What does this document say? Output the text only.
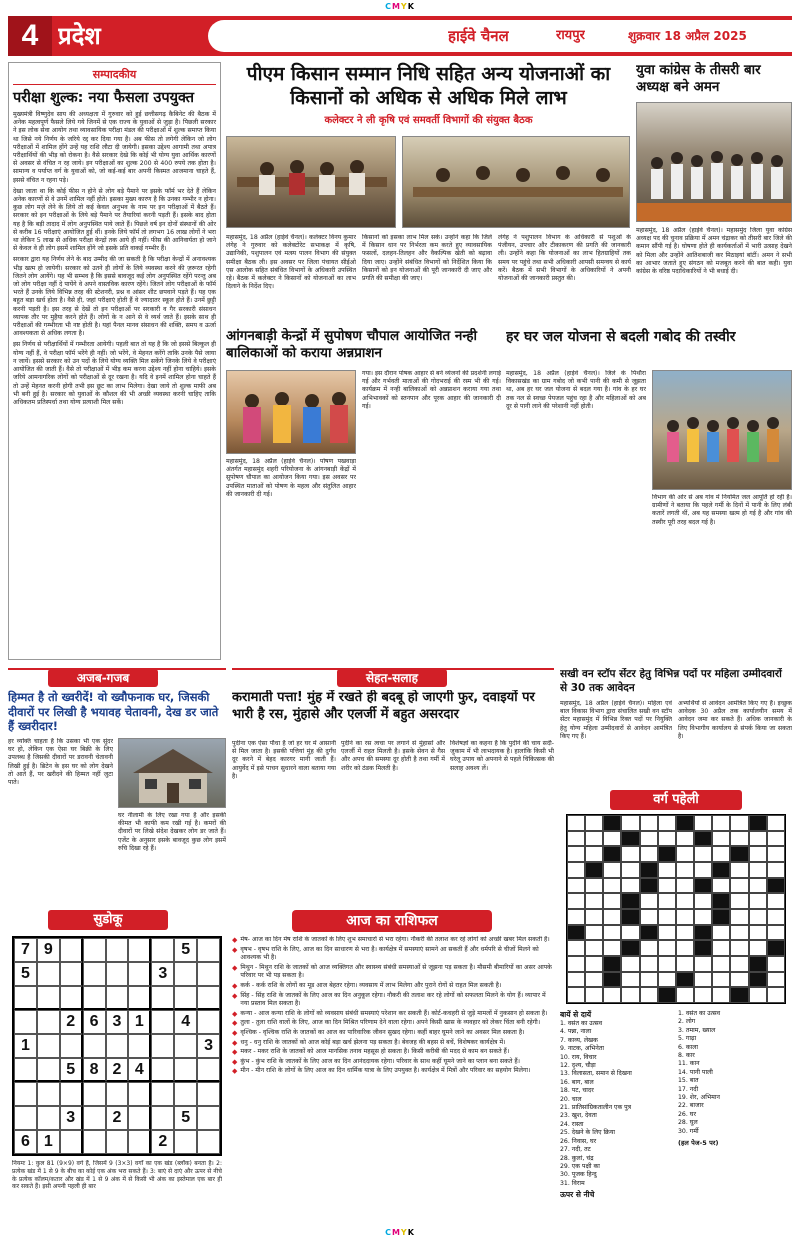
CMYK
4 प्रदेश	हाईवे चैनल	रायपुर	शुक्रवार 18 अप्रैल 2025
सम्पादकीय
परीक्षा शुल्क: नया फैसला उपयुक्त

मुख्यमंत्री विष्णुदेव साय की अध्यक्षता में गुरुवार को हुई छत्तीसगढ़ कैबिनेट की बैठक में अनेक महत्वपूर्ण फैसले लिये गये जिनमें से एक राज्य के युवाओं से जुड़ा है। पिछली सरकार ने इस लोक सेवा आयोग तथा व्यावसायिक परीक्षा मंडल की परीक्षाओं में शुल्क समाप्त किया था जिसे नये निर्णय के जरिये रद्द कर दिया गया है। अब फीस तो लगेगी लेकिन जो लोग परीक्षाओं में शामिल होंगे उन्हें यह राशि लौटा दी जायेगी। इसका उद्देश्य आगामी तथा अपात्र परीक्षार्थियों की भीड़ को रोकना है। वैसे सरकार देखे कि कोई भी योग्य युवा आर्थिक कारणों से अवसर से वंचित न रह जाये। इन परीक्षाओं का शुल्क 200 से 400 रुपये तक होता है। सामान्य व पर्याप्त वर्ग के युवाओं को, जो कई-कई बार अपनी किस्मत आजमाना चाहते हैं, इससे वंचित न रहना पड़े।

देखा जाता था कि कोई फीस न होने से लोग बड़े पैमाने पर इसके फॉर्म भर देते हैं लेकिन अनेक कारणों से वे उनमें शामिल नहीं होते। इसका मुख्य कारण है कि उनका गम्भीर न होना। कुछ लोग मज़े लेने के लिये तो कई केवल अनुभव के नाम पर इन परीक्षाओं में बैठते हैं। सरकार को इन परीक्षाओं के लिये बड़े पैमाने पर तैयारियां करनी पड़ती हैं। इसके बाद होता यह है कि बड़ी तादाद में लोग अनुपस्थित पाये जाते हैं। पिछले वर्ष इन दोनों संस्थानों की ओर से करीब 16 परीक्षाएं आयोजित हुई थीं। इनके लिये फॉर्म तो लगभग 16 लाख लोगों ने भरा था लेकिन 5 लाख से अधिक परीक्षा केन्द्रों तक आये ही नहीं। फीस की आनिवार्यता हो जाने से केवल वे ही लोग इसमें शामिल होंगे जो इसके प्रति वाकई गम्भीर हैं।

सरकार द्वारा यह निर्णय लेने के बाद उम्मीद की जा सकती है कि परीक्षा केन्द्रों में अनावश्यक भीड़ खत्म हो जायेगी। सरकार को उतने ही लोगों के लिये व्यवस्था करने की ज़रूरत रहेगी जितने लोग आयेंगे। यह भी सम्भव है कि इससे बावजूद कई लोग अनुपस्थित रहेंगे परन्तु अब जो लोग परीक्षा नहीं दे पायेंगे वे अपने वास्तविक कारण रहेंगे। जितने लोग परीक्षाओं के फॉर्म भरते हैं उनके लिये विभिन्न तरह की स्टेशनरी, प्रश्न व आंसर शीट छपवाने पड़ते हैं। यह एक बहुत बड़ा खर्च होता है। वैसे ही, जहां परीक्षाएं होती हैं वे ज्यादातर स्कूल होते हैं। उनमें छुट्टी करनी पड़ती है। इस तरह से देखें तो इन परीक्षाओं पर सरकारी व गैर सरकारी संसाधन व्यापक तौर पर मुहैया करने होते हैं। लोगों के न आने से वे व्यर्थ जाते हैं। इसके साथ ही परीक्षाओं की गम्भीरता भी नष्ट होती है। यहां पैनल मानव संसाधन की शक्ति, समय व ऊर्जा आवश्यकता से अधिक लगता है।

इस निर्णय से परीक्षार्थियों में गम्भीरता आयेगी। पहली बात तो यह है कि जो इससे बिल्कुल ही योग्य नहीं हैं, वे परीक्षा फॉर्म भरेंगे ही नहीं। जो भरेंगे, वे मेहनत करेंगे ताकि उनके पैसे जाया न जायें। इससे सरकार को उन पदों के लिये योग्य व्यक्ति मिल सकेंगे जिनके लिये वे परीक्षाएं आयोजित की जाती हैं। वैसे तो परीक्षाओं में भीड़ कम करना उद्देश्य नहीं होना चाहिये। इसके जरिये आमनागरिक लोगों को परीक्षाओं से दूर रखना है। यदि वे इनमें शामिल होना चाहते हैं तो उन्हें मेहनत करनी होगी तभी इस छूट का लाभ मिलेगा। देखा जाये तो शुल्क माफी अब भी बनी हुई है। सरकार को युवाओं के कौशल की भी अच्छी व्यवस्था करनी चाहिए ताकि अधिकतम प्रतिस्पर्धा तथा योग्य प्रत्याशी मिल सकें।

पीएम किसान सम्मान निधि सहित अन्य योजनाओं का किसानों को अधिक से अधिक मिले लाभ
कलेक्टर ने ली कृषि एवं समवर्ती विभागों की संयुक्त बैठक

महासमुंद, 18 अप्रैल (हाईवे चैनल)। कलेक्टर विनय कुमार लंगेह ने गुरुवार को कलेक्टोरेट सभाकक्ष में कृषि, उद्यानिकी, पशुपालन एवं मत्स्य पालन विभाग की संयुक्त समीक्षा बैठक ली। इस अवसर पर जिला पंचायत सीईओ एस आलोक सहित संबंधित विभागों के अधिकारी उपस्थित रहे। बैठक में कलेक्टर ने किसानों को योजनाओं का लाभ दिलाने के निर्देश दिए।

किसानों को इसका लाभ मिल सके। उन्होंने कहा कि जिले में किसान धान पर निर्भरता कम करते हुए व्यावसायिक फसलों, दलहन-तिलहन और वैकल्पिक खेती को बढ़ावा दिया जाए। उन्होंने संबंधित विभागों को निर्देशित किया कि किसानों को इन योजनाओं की पूरी जानकारी दी जाए और प्रगति की समीक्षा की जाए।

लंगेह ने पशुपालन विभाग के अधिकारी से पशुओं के पंजीयन, उपचार और टीकाकरण की प्रगति की जानकारी ली। उन्होंने कहा कि योजनाओं का लाभ हितग्राहियों तक समय पर पहुंचे तथा सभी अधिकारी आपसी समन्वय से कार्य करें। बैठक में सभी विभागों के अधिकारियों ने अपनी योजनाओं की जानकारी प्रस्तुत की।

युवा कांग्रेस के तीसरी बार अध्यक्ष बने अमन

महासमुंद, 18 अप्रैल (हाईवे चैनल)। महासमुंद जिला युवा कांग्रेस अध्यक्ष पद की चुनाव प्रक्रिया में अमन चंद्राकर को तीसरी बार जिले की कमान सौंपी गई है। घोषणा होते ही कार्यकर्ताओं में भारी उत्साह देखने को मिला और उन्होंने आतिशबाजी कर मिठाइयां बांटीं। अमन ने सभी का आभार जताते हुए संगठन को मजबूत करने की बात कही। युवा कांग्रेस के वरिष्ठ पदाधिकारियों ने भी बधाई दी।

आंगनबाड़ी केन्द्रों में सुपोषण चौपाल आयोजित नन्ही बालिकाओं को कराया अन्नप्राशन

महासमुंद, 18 अप्रैल (हाईवे चैनल)। पोषण पखवाड़ा अंतर्गत महासमुंद शहरी परियोजना के आंगनबाड़ी केंद्रों में सुपोषण चौपाल का आयोजन किया गया। इस अवसर पर उपस्थित माताओं को पोषण के महत्व और संतुलित आहार की जानकारी दी गई।

गया। इस दौरान पोषक आहार से बने व्यंजनों की प्रदर्शनी लगाई गई और गर्भवती माताओं की गोदभराई की रस्म भी की गई। कार्यक्रम में नन्ही बालिकाओं को अन्नप्राशन कराया गया तथा अभिभावकों को स्तनपान और पूरक आहार की जानकारी दी गई।

हर घर जल योजना से बदली गबोद की तस्वीर

महासमुंद, 18 अप्रैल (हाईवे चैनल)। जिले के पिथौरा विकासखंड का ग्राम गबोद जो कभी पानी की कमी से जूझता था, अब हर घर जल योजना से बदल गया है। गांव के हर घर तक नल से स्वच्छ पेयजल पहुंच रहा है और महिलाओं को अब दूर से पानी लाने की परेशानी नहीं होती।

विभाग की ओर से अब गांव में नियमित जल आपूर्ति हो रही है। ग्रामीणों ने बताया कि पहले गर्मी के दिनों में पानी के लिए लंबी कतारें लगती थीं, अब यह समस्या खत्म हो गई है और गांव की तस्वीर पूरी तरह बदल गई है।

अजब-गजब
हिम्मत है तो ख्वरीदें! वो ख्वौफनाक घर, जिसकी दीवारों पर लिखी है भयावह चेतावनी, देख डर जाते हैं ख्वरीदार!

हर व्यक्ति चाहता है कि उसका भी एक सुंदर घर हो, लेकिन एक ऐसा घर बिक्री के लिए उपलब्ध है जिसकी दीवारों पर डरावनी चेतावनी लिखी हुई है। ब्रिटेन के इस घर को लोग देखने तो आते हैं, पर खरीदने की हिम्मत नहीं जुटा पाते।

घर नीलामी के लिए रखा गया है और इसकी कीमत भी काफी कम रखी गई है। कमरों की दीवारों पर लिखे संदेश देखकर लोग डर जाते हैं। एजेंट के अनुसार इसके बावजूद कुछ लोग इसमें रुचि दिखा रहे हैं।

सेहत-सलाह
करामाती पत्ता! मुंह में रखते ही बदबू हो जाएगी फुर, दवाइयों पर भारी है रस, मुंहासे और एलर्जी में बहुत असरदार

पुदीना एक ऐसा पौधा है जो हर घर में आसानी से मिल जाता है। इसकी पत्तियां मुंह की दुर्गंध दूर करने में बेहद कारगर मानी जाती हैं। आयुर्वेद में इसे पाचन सुधारने वाला बताया गया है।

पुदीने का रस त्वचा पर लगाने से मुंहासों और एलर्जी में राहत मिलती है। इसके सेवन से गैस और अपच की समस्या दूर होती है तथा गर्मी में शरीर को ठंडक मिलती है।

विशेषज्ञों का कहना है कि पुदीने की चाय सर्दी-जुकाम में भी लाभदायक है। हालांकि किसी भी घरेलू उपाय को अपनाने से पहले चिकित्सक की सलाह अवश्य लें।

सखी वन स्टॉप सेंटर हेतु विभिन्न पदों पर महिला उम्मीदवारों से 30 तक आवेदन

महासमुंद, 18 अप्रैल (हाईवे चैनल)। महिला एवं बाल विकास विभाग द्वारा संचालित सखी वन स्टॉप सेंटर महासमुंद में विभिन्न रिक्त पदों पर नियुक्ति हेतु योग्य महिला उम्मीदवारों से आवेदन आमंत्रित किए गए हैं।

अभ्यर्थियों से आवेदन आमंत्रित किए गए हैं। इच्छुक आवेदक 30 अप्रैल तक कार्यालयीन समय में आवेदन जमा कर सकते हैं। अधिक जानकारी के लिए विभागीय कार्यालय से संपर्क किया जा सकता है।

वर्ग पहेली
सुडोकू
7 9	5
5	3
2 6 3 1	4
1	3
5 8 2 4
3	2	5
6 1	2

नियमः 1: कुल 81 (9×9) वर्ग हैं, जिसमें 9 (3×3) वर्गों का एक खंड (ब्लॉक) बनता है। 2: प्रत्येक खंड में 1 से 9 के बीच का कोई एक अंक भरा सकते हैं। 3: बाएं से दाएं और ऊपर से नीचे के प्रत्येक कॉलम/कतार और खंड में 1 से 9 अंक में से किसी भी अंक का इस्तेमाल एक बार ही कर सकते हैं। इसी अपनी पहली ही बार

आज का राशिफल
◆ मेष- आज का दिन मेष राशि के जातकों के लिए शुभ समाचारों से भरा रहेगा। नौकरी की तलाश कर रहे लोगों को अच्छी खबर मिल सकती है।
◆ वृषभ - वृषभ राशि के लिए, आज का दिन साधारण से भरा है। कार्यक्षेत्र में समस्याएं सामने आ सकती हैं और धर्मपरि से चीजों मिलने को आवश्यक भी है।
◆ मिथुन - मिथुन राशि के जातकों को आज व्यक्तिगत और स्वास्थ्य संबंधी समस्याओं से जूझना पड़ सकता है। मौसमी बीमारियों का असर आपके परिवार पर भी पड़ सकता है।
◆ कर्क - कर्क राशि के लोगों का मूड आज बेहतर रहेगा। व्यवसाय में लाभ मिलेगा और पुराने रोगों से राहत मिल सकती है।
◆ सिंह - सिंह राशि के जातकों के लिए आज का दिन अनुकूल रहेगा। नौकरी की तलाश कर रहे लोगों को सफलता मिलने के योग हैं। व्यापार में नया प्रस्ताव मिल सकता है।
◆ कन्या - आज कन्या राशि के लोगों को व्यवसाय संबंधी समस्याएं परेशान कर सकती हैं। कोर्ट-कचहरी से जुड़े मामलों में नुकसान हो सकता है।
◆ तुला - तुला राशि वालों के लिए, आज का दिन मिश्रित परिणाम देने वाला रहेगा। अपने किसी खास के व्यवहार को लेकर चिंता बनी रहेगी।
◆ वृश्चिक - वृश्चिक राशि के जातकों का आज का पारिवारिक जीवन सुखद रहेगा। कहीं बाहर घूमने जाने का अवसर मिल सकता है।
◆ धनु - धनु राशि के जातकों को आज कोई बड़ा खर्च झेलना पड़ सकता है। बेवजह की बहस से बचें, विशेषकर कार्यक्षेत्र में।
◆ मकर - मकर राशि के जातकों को आज मानसिक तनाव महसूस हो सकता है। किसी करीबी की मदद से काम बन सकते हैं।
◆ कुंभ - कुंभ राशि के जातकों के लिए आज का दिन आनंददायक रहेगा। परिवार के साथ कहीं घूमने जाने का प्लान बना सकते हैं।
◆ मीन - मीन राशि के लोगों के लिए आज का दिन धार्मिक यात्रा के लिए उपयुक्त है। कार्यक्षेत्र में मित्रों और परिवार का सहयोग मिलेगा।
बायें से दायें
1. वसंत का उत्सव
4. पन्ना, नाला
7. काव्य, लेखक
9. नाटक, अभिनेता
10. राय, विचार
12. दृश्य, चौड़ा
13. विलासता, समान से दिखना
16. बाग, बाल
18. पट, चादर
20. चाल
21. प्रातिसांग्रिकतालीन एक पुत्र
23. खुश, देवता
24. रास्ता
25. देखने के लिए क्रिया
26. निवास, घर
27. नदी, तट
28. कुलां, चंद्र
29. एक पक्षी का
30. पूजक हिन्दु
31. विराम
ऊपर से नीचे
1. वसंत का उत्सव
2. लोग
3. तमाम, ख्याल
5. गाढ़ा
6. काला
8. कार
11. कान
14. पानी पाली
15. बात
17. नदी
19. शेर, अभिमान
22. बाजार
26. घर
28. घुल
30. गर्मी
(हल पेज-5 पर)
CMYK
